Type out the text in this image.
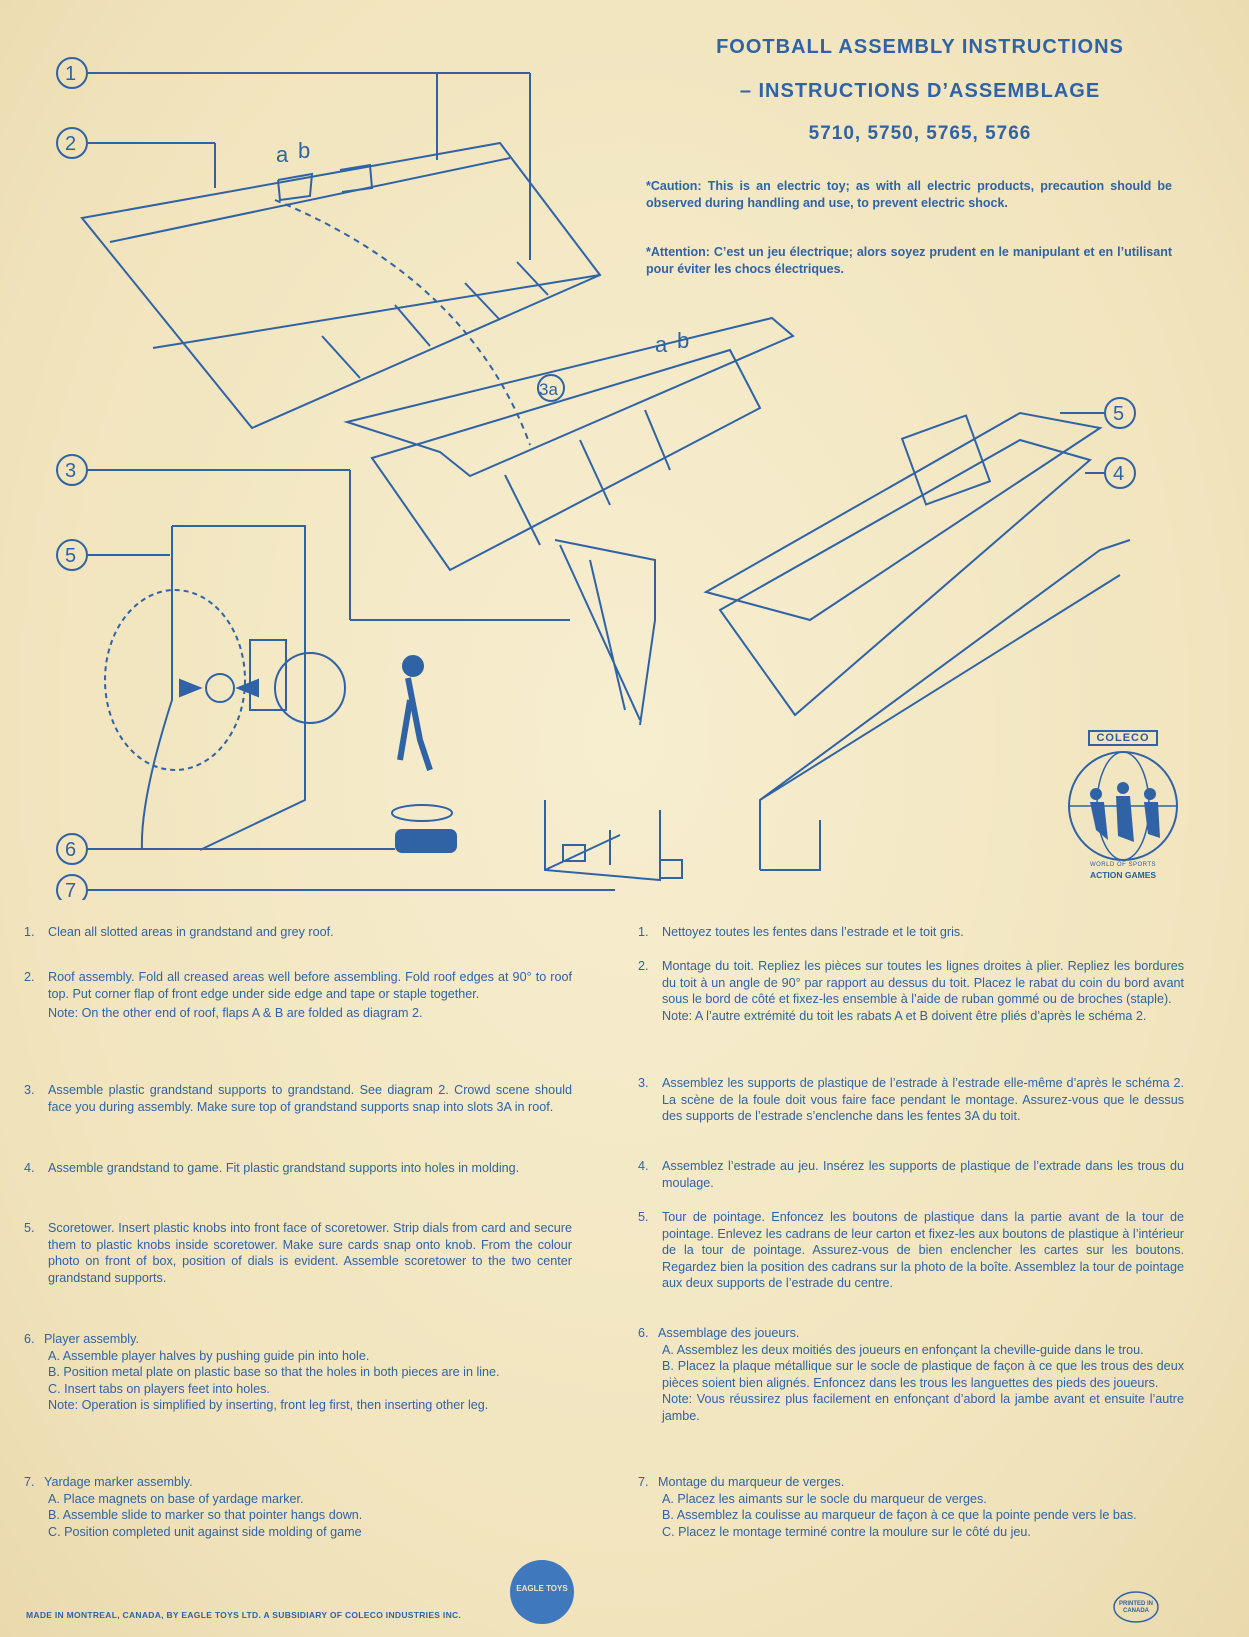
FOOTBALL ASSEMBLY INSTRUCTIONS
– INSTRUCTIONS D’ASSEMBLAGE
5710, 5750, 5765, 5766
*Caution: This is an electric toy; as with all electric products, precaution should be observed during handling and use, to prevent electric shock.
*Attention: C’est un jeu électrique; alors soyez prudent en le manipulant et en l’utilisant pour éviter les chocs électriques.
1
2
3
5
6
7
5
4
a b
3a
a b
COLECO
WORLD OF SPORTS
ACTION GAMES
1. Clean all slotted areas in grandstand and grey roof.
2. Roof assembly. Fold all creased areas well before assembling. Fold roof edges at 90° to roof top. Put corner flap of front edge under side edge and tape or staple together.
Note: On the other end of roof, flaps A & B are folded as diagram 2.
3. Assemble plastic grandstand supports to grandstand. See diagram 2. Crowd scene should face you during assembly. Make sure top of grandstand supports snap into slots 3A in roof.
4. Assemble grandstand to game. Fit plastic grandstand supports into holes in molding.
5. Scoretower. Insert plastic knobs into front face of scoretower. Strip dials from card and secure them to plastic knobs inside scoretower. Make sure cards snap onto knob. From the colour photo on front of box, position of dials is evident. Assemble scoretower to the two center grandstand supports.
6. Player assembly.
A. Assemble player halves by pushing guide pin into hole.
B. Position metal plate on plastic base so that the holes in both pieces are in line.
C. Insert tabs on players feet into holes.
Note: Operation is simplified by inserting, front leg first, then inserting other leg.
7. Yardage marker assembly.
A. Place magnets on base of yardage marker.
B. Assemble slide to marker so that pointer hangs down.
C. Position completed unit against side molding of game
1. Nettoyez toutes les fentes dans l’estrade et le toit gris.
2. Montage du toit. Repliez les pièces sur toutes les lignes droites à plier. Repliez les bordures du toit à un angle de 90° par rapport au dessus du toit. Placez le rabat du coin du bord avant sous le bord de côté et fixez-les ensemble à l’aide de ruban gommé ou de broches (staple).
Note: A l’autre extrémité du toit les rabats A et B doivent être pliés d’après le schéma 2.
3. Assemblez les supports de plastique de l’estrade à l’estrade elle-même d’après le schéma 2. La scène de la foule doit vous faire face pendant le montage. Assurez-vous que le dessus des supports de l’estrade s’enclenche dans les fentes 3A du toit.
4. Assemblez l’estrade au jeu. Insérez les supports de plastique de l’extrade dans les trous du moulage.
5. Tour de pointage. Enfoncez les boutons de plastique dans la partie avant de la tour de pointage. Enlevez les cadrans de leur carton et fixez-les aux boutons de plastique à l’intérieur de la tour de pointage. Assurez-vous de bien enclencher les cartes sur les boutons. Regardez bien la position des cadrans sur la photo de la boîte. Assemblez la tour de pointage aux deux supports de l’estrade du centre.
6. Assemblage des joueurs.
A. Assemblez les deux moitiés des joueurs en enfonçant la cheville-guide dans le trou.
B. Placez la plaque métallique sur le socle de plastique de façon à ce que les trous des deux pièces soient bien alignés. Enfoncez dans les trous les languettes des pieds des joueurs.
Note: Vous réussirez plus facilement en enfonçant d’abord la jambe avant et ensuite l’autre jambe.
7. Montage du marqueur de verges.
A. Placez les aimants sur le socle du marqueur de verges.
B. Assemblez la coulisse au marqueur de façon à ce que la pointe pende vers le bas.
C. Placez le montage terminé contre la moulure sur le côté du jeu.
MADE IN MONTREAL, CANADA, BY EAGLE TOYS LTD. A SUBSIDIARY OF COLECO INDUSTRIES INC.
EAGLE TOYS
PRINTED IN CANADA
